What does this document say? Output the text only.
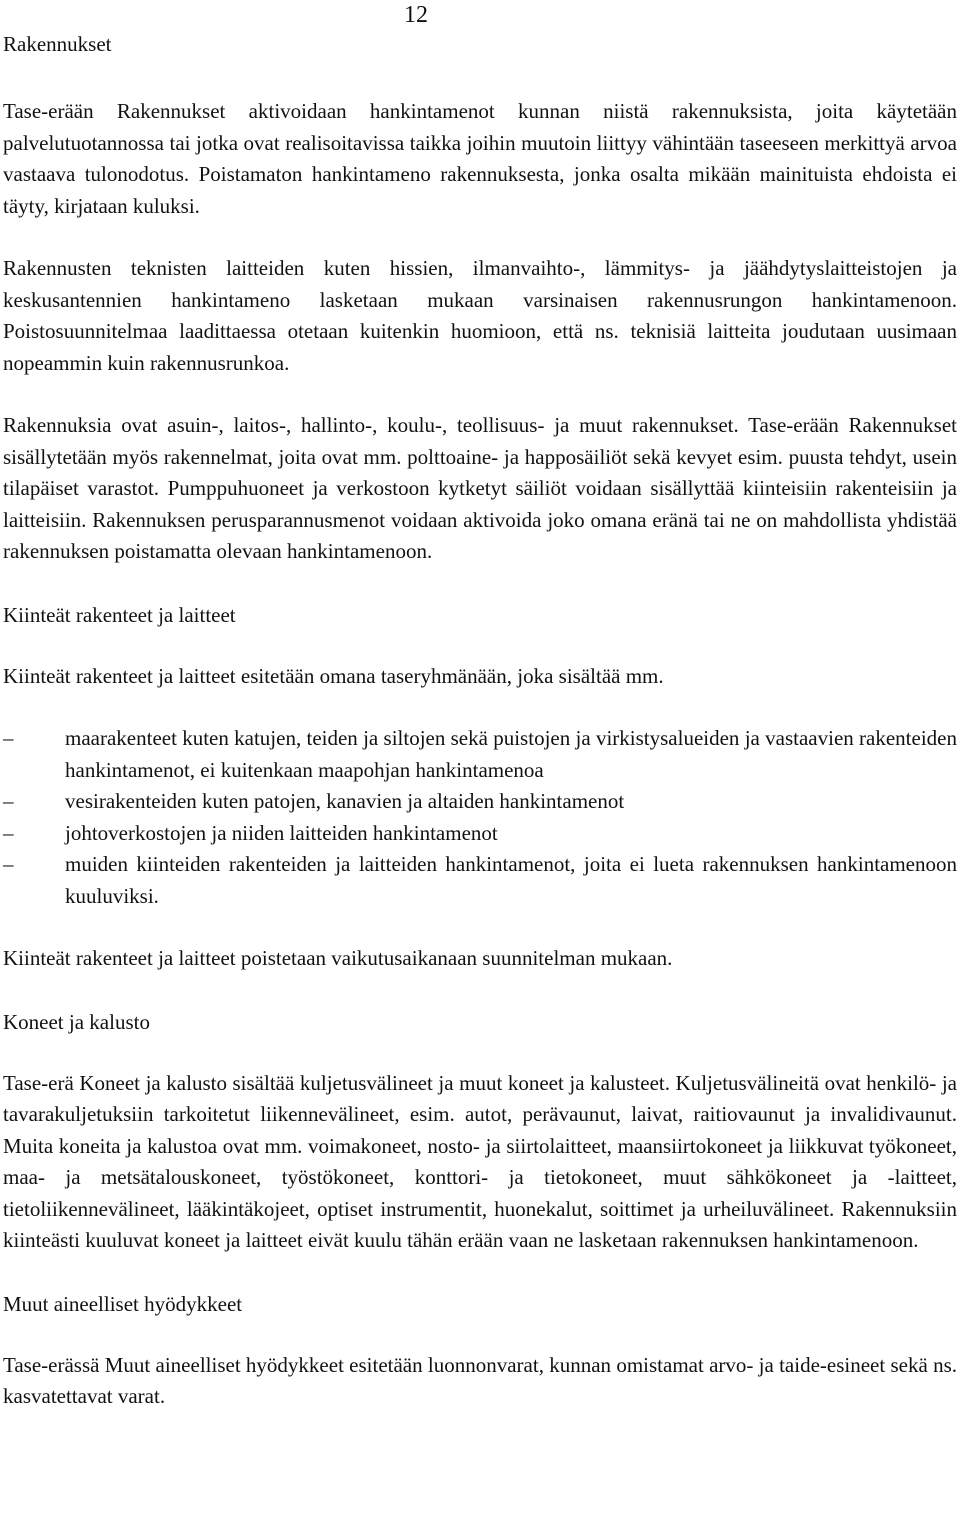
12
Rakennukset

Tase-erään Rakennukset aktivoidaan hankintamenot kunnan niistä rakennuksista, joita käytetään palvelutuotannossa tai jotka ovat realisoitavissa taikka joihin muutoin liittyy vähintään taseeseen merkittyä arvoa vastaava tulonodotus. Poistamaton hankintameno rakennuksesta, jonka osalta mikään mainituista ehdoista ei täyty, kirjataan kuluksi.

Rakennusten teknisten laitteiden kuten hissien, ilmanvaihto-, lämmitys- ja jäähdytyslaitteistojen ja keskusantennien hankintameno lasketaan mukaan varsinaisen rakennusrungon hankintamenoon. Poistosuunnitelmaa laadittaessa otetaan kuitenkin huomioon, että ns. teknisiä laitteita joudutaan uusimaan nopeammin kuin rakennusrunkoa.

Rakennuksia ovat asuin-, laitos-, hallinto-, koulu-, teollisuus- ja muut rakennukset. Tase-erään Rakennukset sisällytetään myös rakennelmat, joita ovat mm. polttoaine- ja happosäiliöt sekä kevyet esim. puusta tehdyt, usein tilapäiset varastot. Pumppuhuoneet ja verkostoon kytketyt säiliöt voidaan sisällyttää kiinteisiin rakenteisiin ja laitteisiin. Rakennuksen perusparannusmenot voidaan aktivoida joko omana eränä tai ne on mahdollista yhdistää rakennuksen poistamatta olevaan hankintamenoon.

Kiinteät rakenteet ja laitteet

Kiinteät rakenteet ja laitteet esitetään omana taseryhmänään, joka sisältää mm.

– maarakenteet kuten katujen, teiden ja siltojen sekä puistojen ja virkistysalueiden ja vastaavien rakenteiden hankintamenot, ei kuitenkaan maapohjan hankintamenoa
– vesirakenteiden kuten patojen, kanavien ja altaiden hankintamenot
– johtoverkostojen ja niiden laitteiden hankintamenot
– muiden kiinteiden rakenteiden ja laitteiden hankintamenot, joita ei lueta rakennuksen hankintamenoon kuuluviksi.

Kiinteät rakenteet ja laitteet poistetaan vaikutusaikanaan suunnitelman mukaan.

Koneet ja kalusto

Tase-erä Koneet ja kalusto sisältää kuljetusvälineet ja muut koneet ja kalusteet. Kuljetusvälineitä ovat henkilö- ja tavarakuljetuksiin tarkoitetut liikennevälineet, esim. autot, perävaunut, laivat, raitiovaunut ja invalidivaunut. Muita koneita ja kalustoa ovat mm. voimakoneet, nosto- ja siirtolaitteet, maansiirtokoneet ja liikkuvat työkoneet, maa- ja metsätalouskoneet, työstökoneet, konttori- ja tietokoneet, muut sähkökoneet ja -laitteet, tietoliikennevälineet, lääkintäkojeet, optiset instrumentit, huonekalut, soittimet ja urheiluvälineet. Rakennuksiin kiinteästi kuuluvat koneet ja laitteet eivät kuulu tähän erään vaan ne lasketaan rakennuksen hankintamenoon.

Muut aineelliset hyödykkeet

Tase-erässä Muut aineelliset hyödykkeet esitetään luonnonvarat, kunnan omistamat arvo- ja taide-esineet sekä ns. kasvatettavat varat.
